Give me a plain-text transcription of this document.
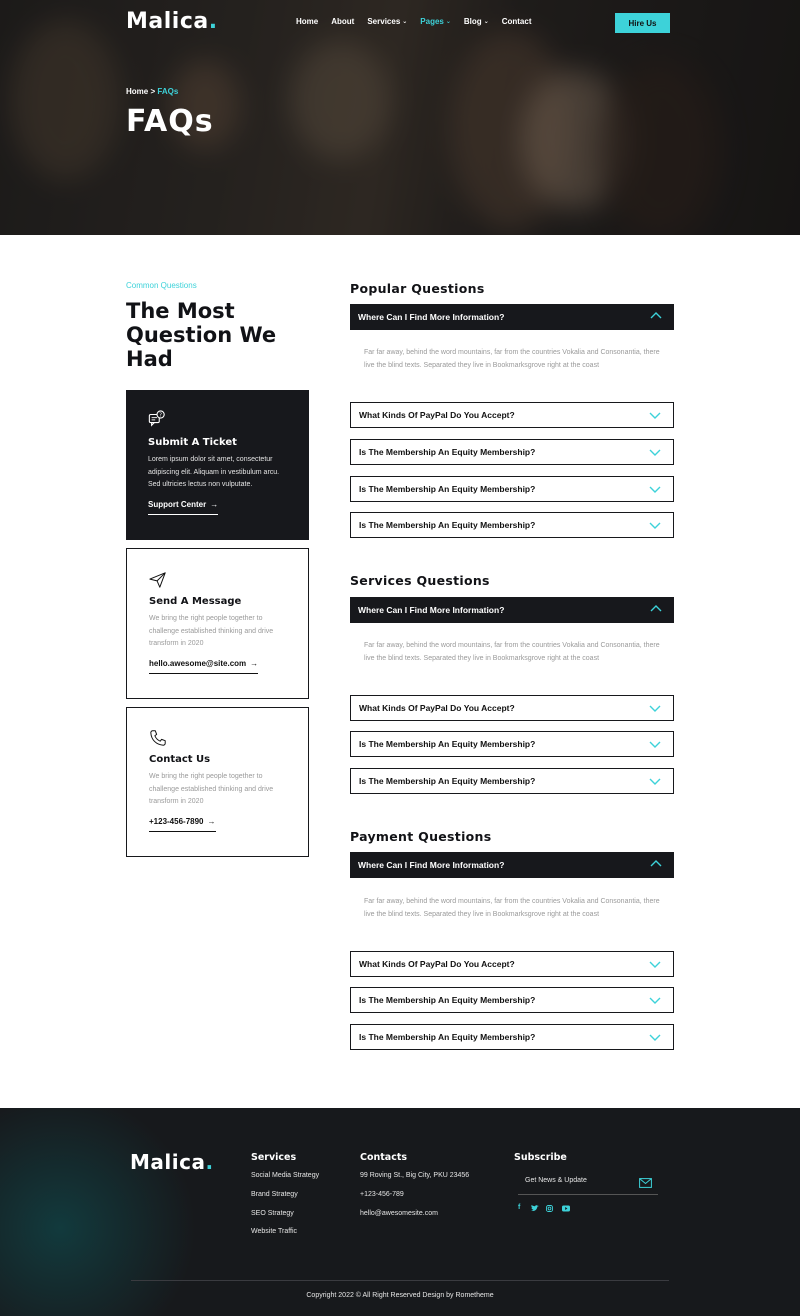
Malica.	Home About Services ⌄ Pages ⌄ Blog ⌄ Contact	Hire Us
Home > FAQs
FAQs
Common Questions
The Most Question We Had
?
Submit A Ticket

Lorem ipsum dolor sit amet, consectetur adipiscing elit. Aliquam in vestibulum arcu. Sed ultricies lectus non vulputate.

Support Center →
Send A Message

We bring the right people together to challenge established thinking and drive transform in 2020

hello.awesome@site.com →
Contact Us

We bring the right people together to challenge established thinking and drive transform in 2020

+123-456-7890 →
Popular Questions
Where Can I Find More Information?

Far far away, behind the word mountains, far from the countries Vokalia and Consonantia, there live the blind texts. Separated they live in Bookmarksgrove right at the coast

What Kinds Of PayPal Do You Accept?
Is The Membership An Equity Membership?
Is The Membership An Equity Membership?
Is The Membership An Equity Membership?
Services Questions
Where Can I Find More Information?

Far far away, behind the word mountains, far from the countries Vokalia and Consonantia, there live the blind texts. Separated they live in Bookmarksgrove right at the coast

What Kinds Of PayPal Do You Accept?
Is The Membership An Equity Membership?
Is The Membership An Equity Membership?
Payment Questions
Where Can I Find More Information?

Far far away, behind the word mountains, far from the countries Vokalia and Consonantia, there live the blind texts. Separated they live in Bookmarksgrove right at the coast

What Kinds Of PayPal Do You Accept?
Is The Membership An Equity Membership?
Is The Membership An Equity Membership?
Malica.	Services
Social Media Strategy
Brand Strategy
SEO Strategy
Website Traffic
Contacts
99 Roving St., Big City, PKU 23456
+123-456-789
hello@awesomesite.com
Subscribe
Get News & Update
f
Copyright 2022 © All Right Reserved Design by Rometheme
